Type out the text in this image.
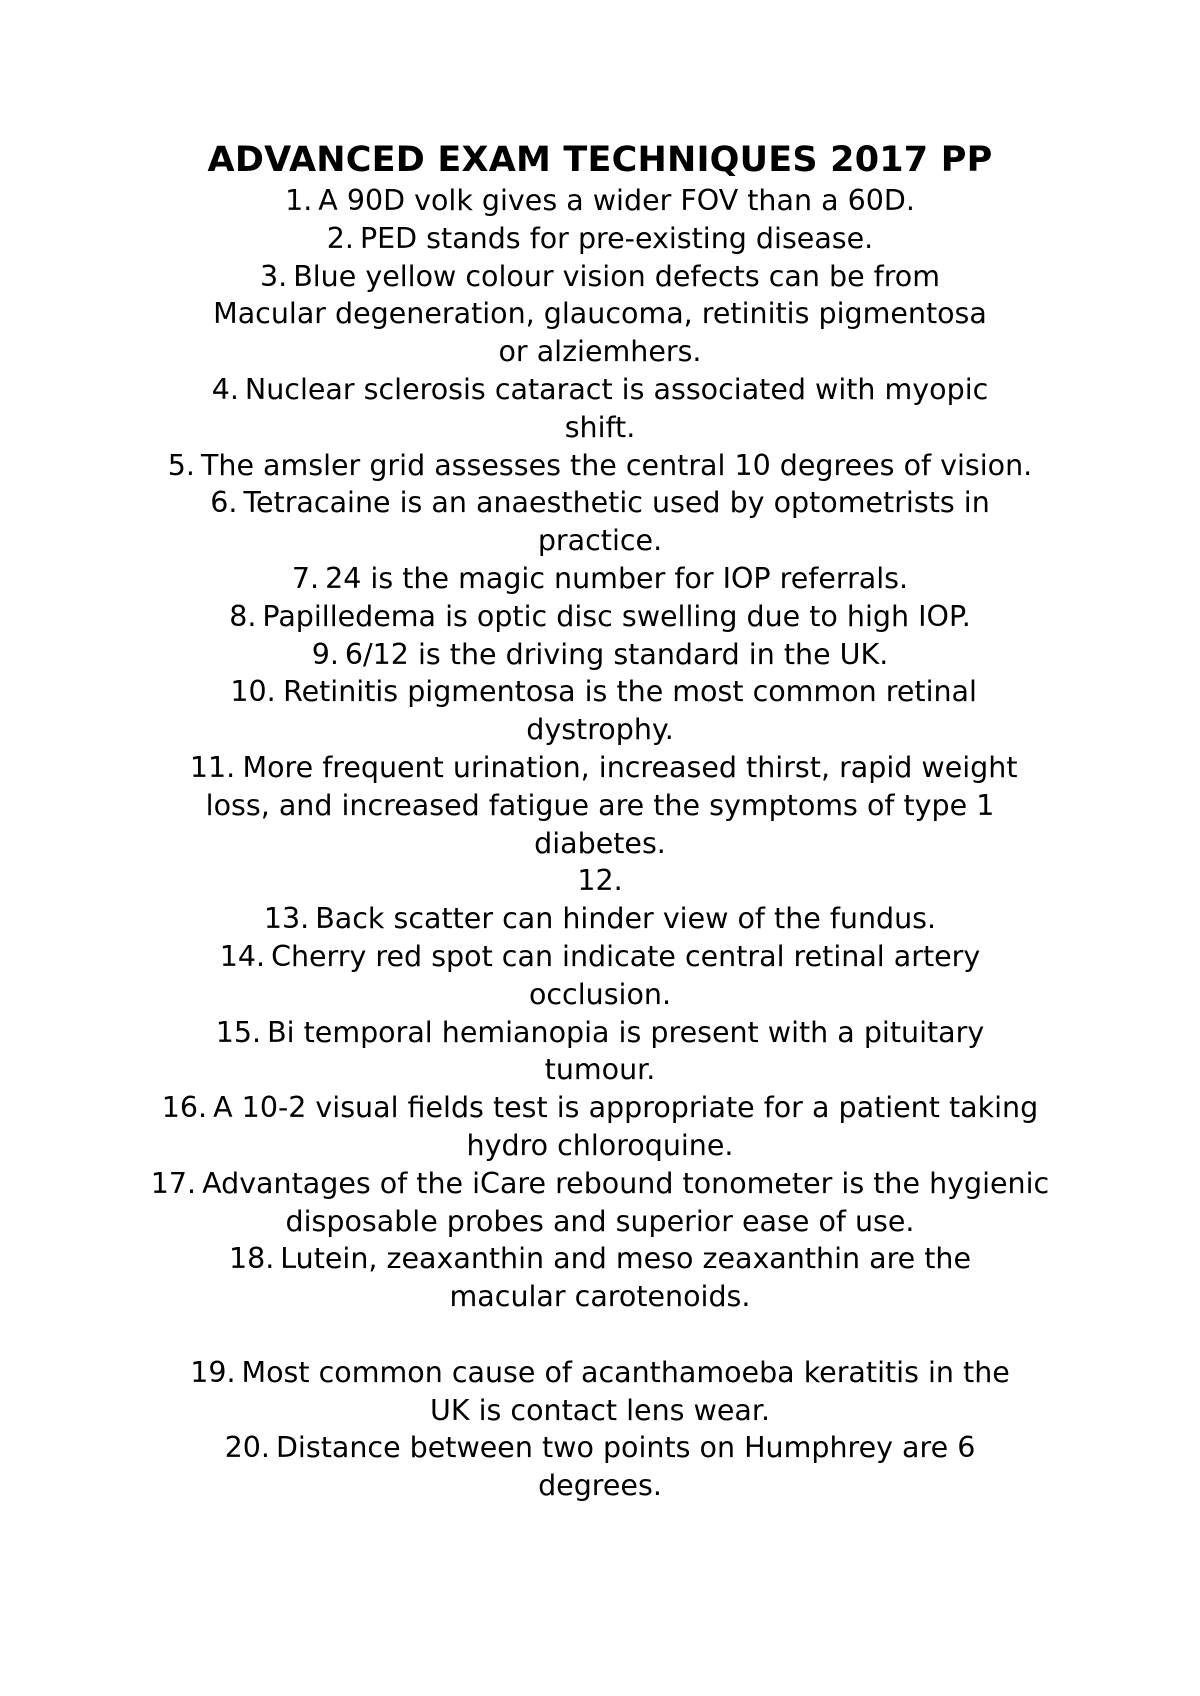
ADVANCED EXAM TECHNIQUES 2017 PP
1. A 90D volk gives a wider FOV than a 60D.
2. PED stands for pre-existing disease.
3. Blue yellow colour vision defects can be from Macular degeneration, glaucoma, retinitis pigmentosa or alziemhers.
4. Nuclear sclerosis cataract is associated with myopic shift.
5. The amsler grid assesses the central 10 degrees of vision.
6. Tetracaine is an anaesthetic used by optometrists in practice.
7. 24 is the magic number for IOP referrals.
8. Papilledema is optic disc swelling due to high IOP.
9. 6/12 is the driving standard in the UK.
10. Retinitis pigmentosa is the most common retinal dystrophy.
11. More frequent urination, increased thirst, rapid weight loss, and increased fatigue are the symptoms of type 1 diabetes.
12.
13. Back scatter can hinder view of the fundus.
14. Cherry red spot can indicate central retinal artery occlusion.
15. Bi temporal hemianopia is present with a pituitary tumour.
16. A 10-2 visual fields test is appropriate for a patient taking hydro chloroquine.
17. Advantages of the iCare rebound tonometer is the hygienic disposable probes and superior ease of use.
18. Lutein, zeaxanthin and meso zeaxanthin are the macular carotenoids.
19. Most common cause of acanthamoeba keratitis in the UK is contact lens wear.
20. Distance between two points on Humphrey are 6 degrees.
